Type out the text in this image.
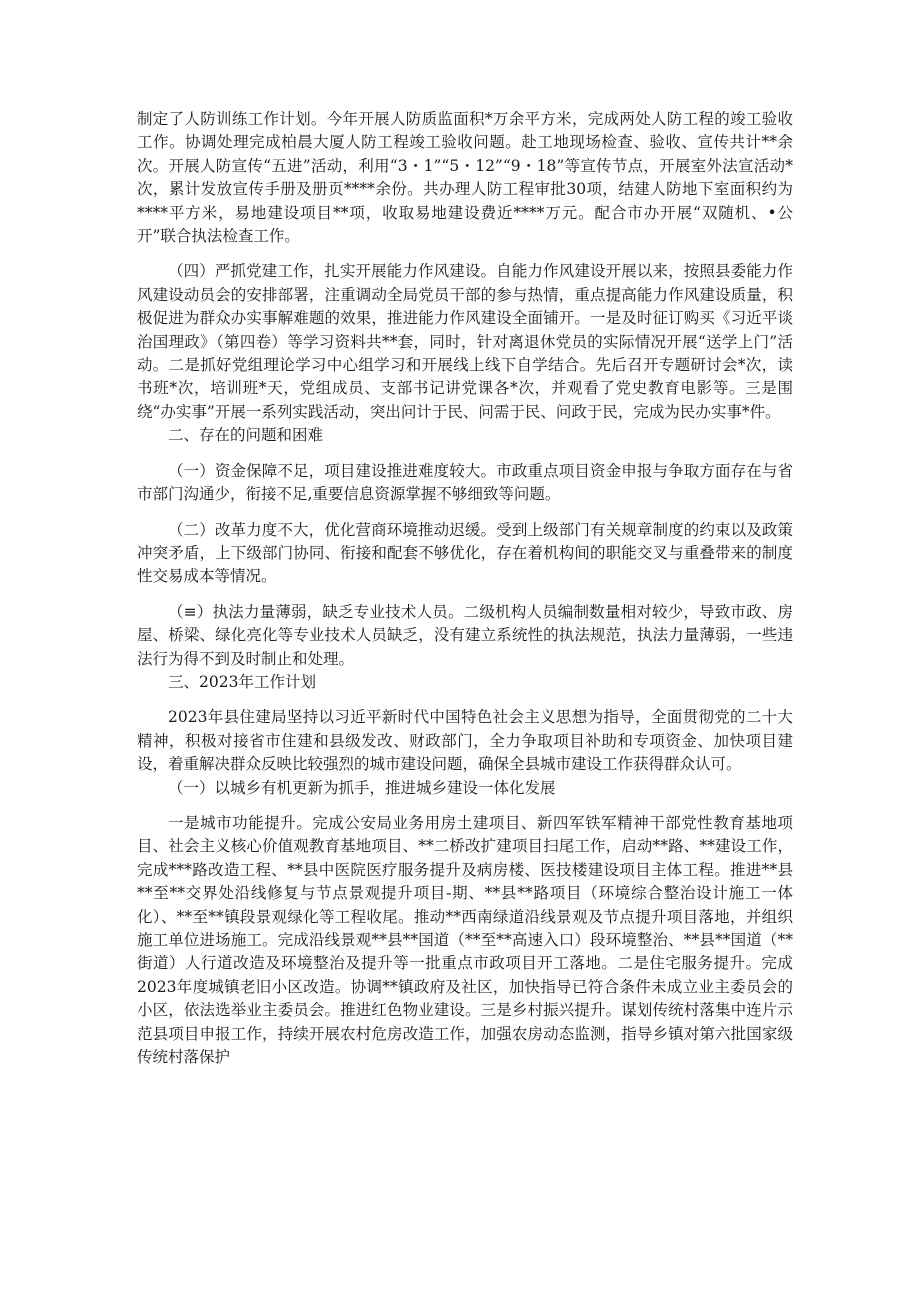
制定了人防训练工作计划。今年开展人防质监面积*万余平方米，完成两处人防工程的竣工验收工作。协调处理完成柏晨大厦人防工程竣工验收问题。赴工地现场检查、验收、宣传共计**余次。开展人防宣传“五进”活动，利用“3・1”“5・12”“9・18”等宣传节点，开展室外法宣活动*次，累计发放宣传手册及册页****余份。共办理人防工程审批30项，结建人防地下室面积约为****平方米，易地建设项目**项，收取易地建设费近****万元。配合市办开展“双随机、•公开”联合执法检查工作。

（四）严抓党建工作，扎实开展能力作风建设。自能力作风建设开展以来，按照县委能力作风建设动员会的安排部署，注重调动全局党员干部的参与热情，重点提高能力作风建设质量，积极促进为群众办实事解难题的效果，推进能力作风建设全面铺开。一是及时征订购买《习近平谈治国理政》（第四卷）等学习资料共**套，同时，针对离退休党员的实际情况开展“送学上门”活动。二是抓好党组理论学习中心组学习和开展线上线下自学结合。先后召开专题研讨会*次，读书班*次，培训班*天，党组成员、支部书记讲党课各*次，并观看了党史教育电影等。三是围绕“办实事”开展一系列实践活动，突出问计于民、问需于民、问政于民，完成为民办实事*件。

二、存在的问题和困难

（一）资金保障不足，项目建设推进难度较大。市政重点项目资金申报与争取方面存在与省市部门沟通少，衔接不足,重要信息资源掌握不够细致等问题。

（二）改革力度不大，优化营商环境推动迟缓。受到上级部门有关规章制度的约束以及政策冲突矛盾，上下级部门协同、衔接和配套不够优化，存在着机构间的职能交叉与重叠带来的制度性交易成本等情况。

（≡）执法力量薄弱，缺乏专业技术人员。二级机构人员编制数量相对较少，导致市政、房屋、桥梁、绿化亮化等专业技术人员缺乏，没有建立系统性的执法规范，执法力量薄弱，一些违法行为得不到及时制止和处理。

三、2023年工作计划

2023年县住建局坚持以习近平新时代中国特色社会主义思想为指导，全面贯彻党的二十大精神，积极对接省市住建和县级发改、财政部门，全力争取项目补助和专项资金、加快项目建设，着重解决群众反映比较强烈的城市建设问题，确保全县城市建设工作获得群众认可。

（一）以城乡有机更新为抓手，推进城乡建设一体化发展

一是城市功能提升。完成公安局业务用房土建项目、新四军铁军精神干部党性教育基地项目、社会主义核心价值观教育基地项目、**二桥改扩建项目扫尾工作，启动**路、**建设工作，完成***路改造工程、**县中医院医疗服务提升及病房楼、医技楼建设项目主体工程。推进**县**至**交界处沿线修复与节点景观提升项目-期、**县**路项目（环境综合整治设计施工一体化）、**至**镇段景观绿化等工程收尾。推动**西南绿道沿线景观及节点提升项目落地，并组织施工单位进场施工。完成沿线景观**县**国道（**至**高速入口）段环境整治、**县**国道（**街道）人行道改造及环境整治及提升等一批重点市政项目开工落地。二是住宅服务提升。完成2023年度城镇老旧小区改造。协调**镇政府及社区，加快指导已符合条件未成立业主委员会的小区，依法选举业主委员会。推进红色物业建设。三是乡村振兴提升。谋划传统村落集中连片示范县项目申报工作，持续开展农村危房改造工作，加强农房动态监测，指导乡镇对第六批国家级传统村落保护
